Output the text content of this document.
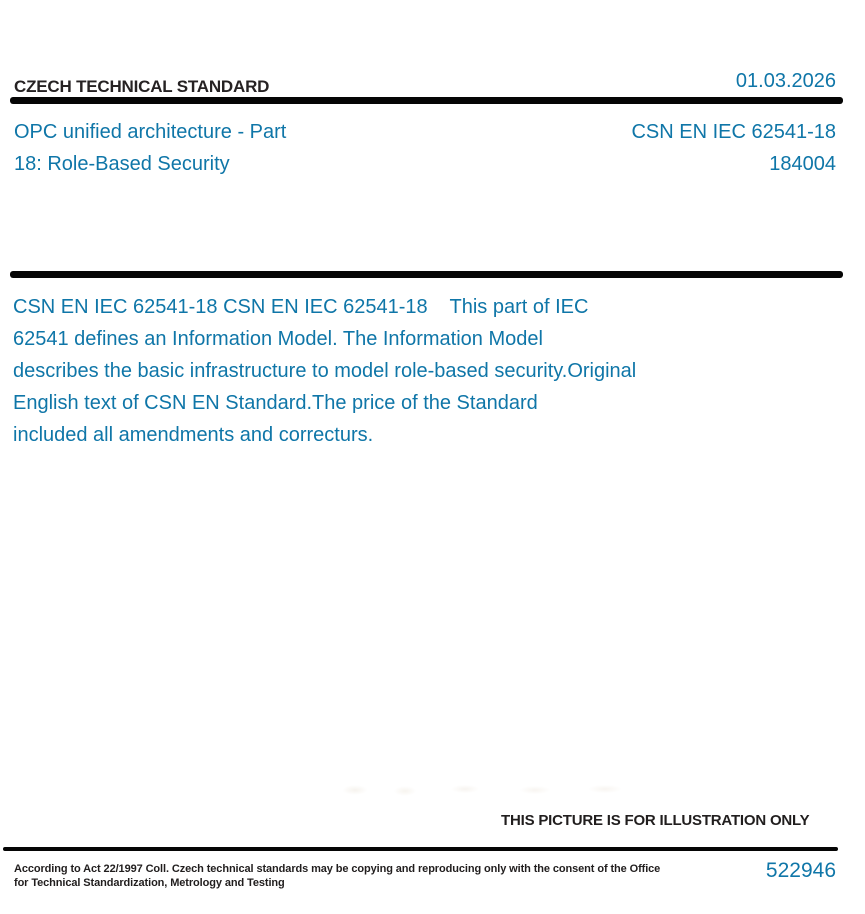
CZECH TECHNICAL STANDARD	01.03.2026
OPC unified architecture - Part
18: Role-Based Security
CSN EN IEC 62541-18
184004
CSN EN IEC 62541-18 CSN EN IEC 62541-18    This part of IEC
62541 defines an Information Model. The Information Model
describes the basic infrastructure to model role-based security.Original
English text of CSN EN Standard.The price of the Standard
included all amendments and correcturs.
THIS PICTURE IS FOR ILLUSTRATION ONLY
According to Act 22/1997 Coll. Czech technical standards may be copying and reproducing only with the consent of the Office
for Technical Standardization, Metrology and Testing
522946
